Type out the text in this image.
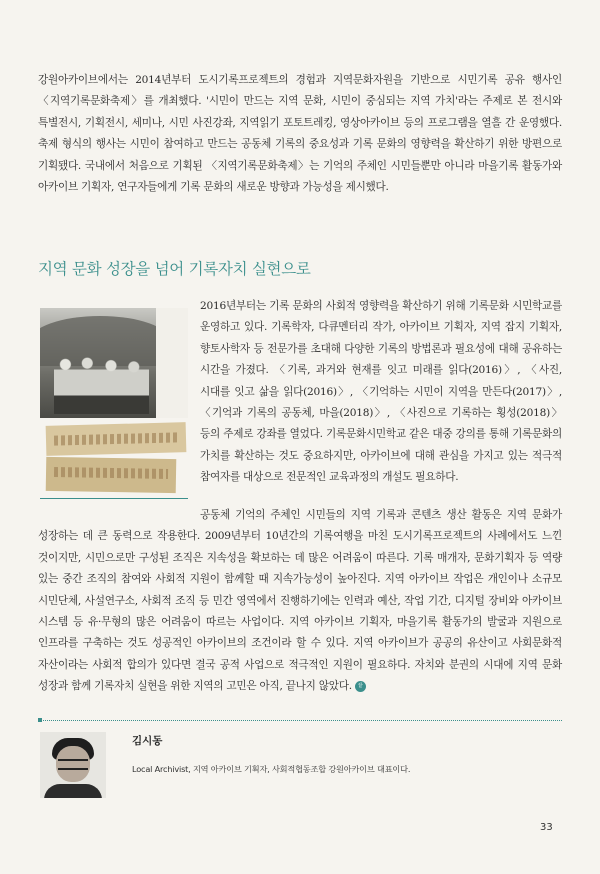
강원아카이브에서는 2014년부터 도시기록프로젝트의 경험과 지역문화자원을 기반으로 시민기록 공유 행사인 〈지역기록문화축제〉를 개최했다. '시민이 만드는 지역 문화, 시민이 중심되는 지역 가치'라는 주제로 본 전시와 특별전시, 기획전시, 세미나, 시민 사진강좌, 지역읽기 포토트레킹, 영상아카이브 등의 프로그램을 열흘 간 운영했다. 축제 형식의 행사는 시민이 참여하고 만드는 공동체 기록의 중요성과 기록 문화의 영향력을 확산하기 위한 방편으로 기획됐다. 국내에서 처음으로 기획된 〈지역기록문화축제〉는 기억의 주체인 시민들뿐만 아니라 마을기록 활동가와 아카이브 기획자, 연구자들에게 기록 문화의 새로운 방향과 가능성을 제시했다.

지역 문화 성장을 넘어 기록자치 실현으로

2016년부터는 기록 문화의 사회적 영향력을 확산하기 위해 기록문화 시민학교를 운영하고 있다. 기록학자, 다큐멘터리 작가, 아카이브 기획자, 지역 잡지 기획자, 향토사학자 등 전문가를 초대해 다양한 기록의 방법론과 필요성에 대해 공유하는 시간을 가졌다. 〈기록, 과거와 현재를 잇고 미래를 읽다(2016)〉, 〈사진, 시대를 잇고 삶을 읽다(2016)〉, 〈기억하는 시민이 지역을 만든다(2017)〉, 〈기억과 기록의 공동체, 마을(2018)〉, 〈사진으로 기록하는 횡성(2018)〉 등의 주제로 강좌를 열었다. 기록문화시민학교 같은 대중 강의를 통해 기록문화의 가치를 확산하는 것도 중요하지만, 아카이브에 대해 관심을 가지고 있는 적극적 참여자를 대상으로 전문적인 교육과정의 개설도 필요하다.

공동체 기억의 주체인 시민들의 지역 기록과 콘텐츠 생산 활동은 지역 문화가 성장하는 데 큰 동력으로 작용한다. 2009년부터 10년간의 기록여행을 마친 도시기록프로젝트의 사례에서도 느낀 것이지만, 시민으로만 구성된 조직은 지속성을 확보하는 데 많은 어려움이 따른다. 기록 매개자, 문화기획자 등 역량 있는 중간 조직의 참여와 사회적 지원이 함께할 때 지속가능성이 높아진다. 지역 아카이브 작업은 개인이나 소규모 시민단체, 사설연구소, 사회적 조직 등 민간 영역에서 진행하기에는 인력과 예산, 작업 기간, 디지털 장비와 아카이브 시스템 등 유·무형의 많은 어려움이 따르는 사업이다. 지역 아카이브 기획자, 마을기록 활동가의 발굴과 지원으로 인프라를 구축하는 것도 성공적인 아카이브의 조건이라 할 수 있다. 지역 아카이브가 공공의 유산이고 사회문화적 자산이라는 사회적 합의가 있다면 결국 공적 사업으로 적극적인 지원이 필요하다. 자치와 분권의 시대에 지역 문화 성장과 함께 기록자치 실현을 위한 지역의 고민은 아직, 끝나지 않았다. 끝

김시동

Local Archivist, 지역 아카이브 기획자, 사회적협동조합 강원아카이브 대표이다.

33
